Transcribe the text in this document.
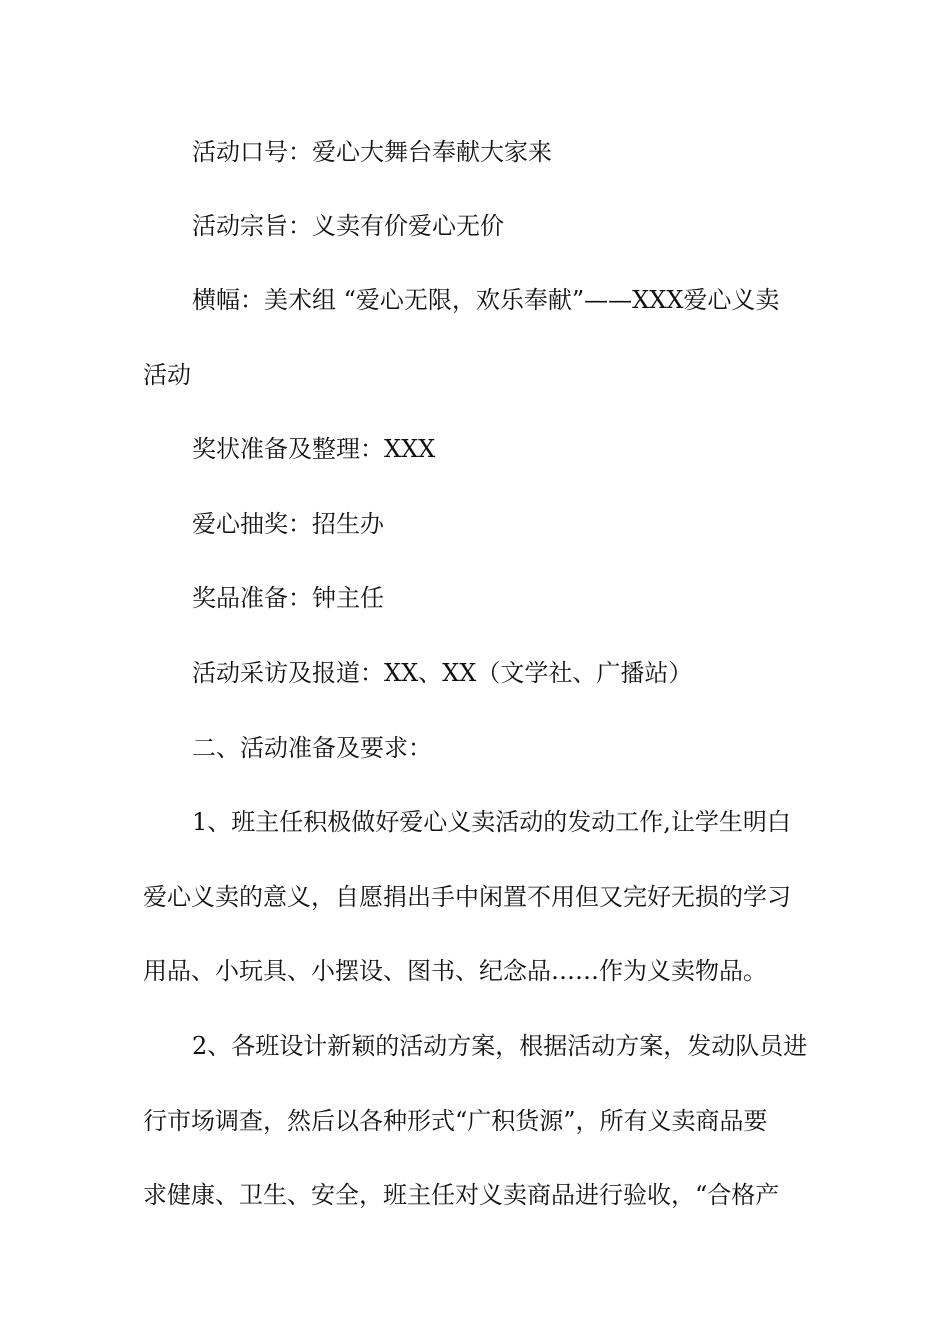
活动口号：爱心大舞台奉献大家来
活动宗旨：义卖有价爱心无价
横幅：美术组 “爱心无限，欢乐奉献”——XXX爱心义卖
活动
奖状准备及整理：XXX
爱心抽奖：招生办
奖品准备：钟主任
活动采访及报道：XX、XX（文学社、广播站）
二、活动准备及要求：
1、班主任积极做好爱心义卖活动的发动工作,让学生明白
爱心义卖的意义，自愿捐出手中闲置不用但又完好无损的学习
用品、小玩具、小摆设、图书、纪念品……作为义卖物品。
2、各班设计新颖的活动方案，根据活动方案，发动队员进
行市场调查，然后以各种形式“广积货源”，所有义卖商品要
求健康、卫生、安全，班主任对义卖商品进行验收，“合格产
